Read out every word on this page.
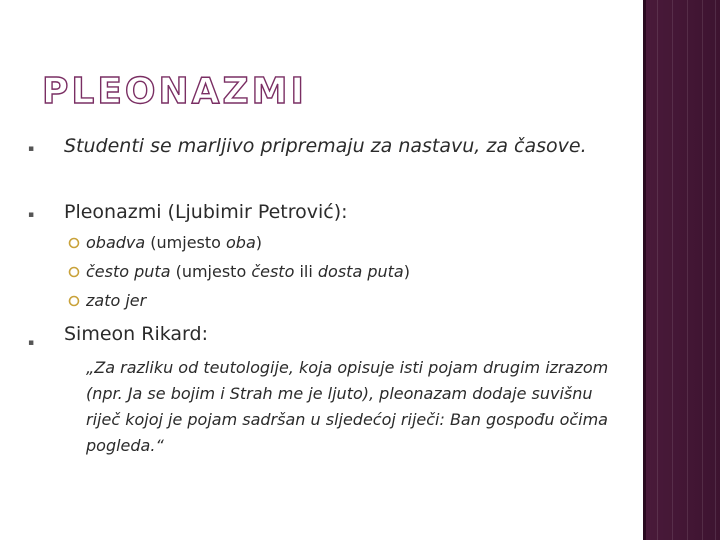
PLEONAZMI
▪ Studenti se marljivo pripremaju za nastavu, za časove.
▪ Pleonazmi (Ljubimir Petrović):
obadva (umjesto oba)
često puta (umjesto često ili dosta puta)
zato jer
▪ Simeon Rikard:
„Za razliku od teutologije, koja opisuje isti pojam drugim izrazom (npr. Ja se bojim i Strah me je ljuto), pleonazam dodaje suvišnu riječ kojoj je pojam sadršan u sljedećoj riječi: Ban gospođu očima pogleda.“
